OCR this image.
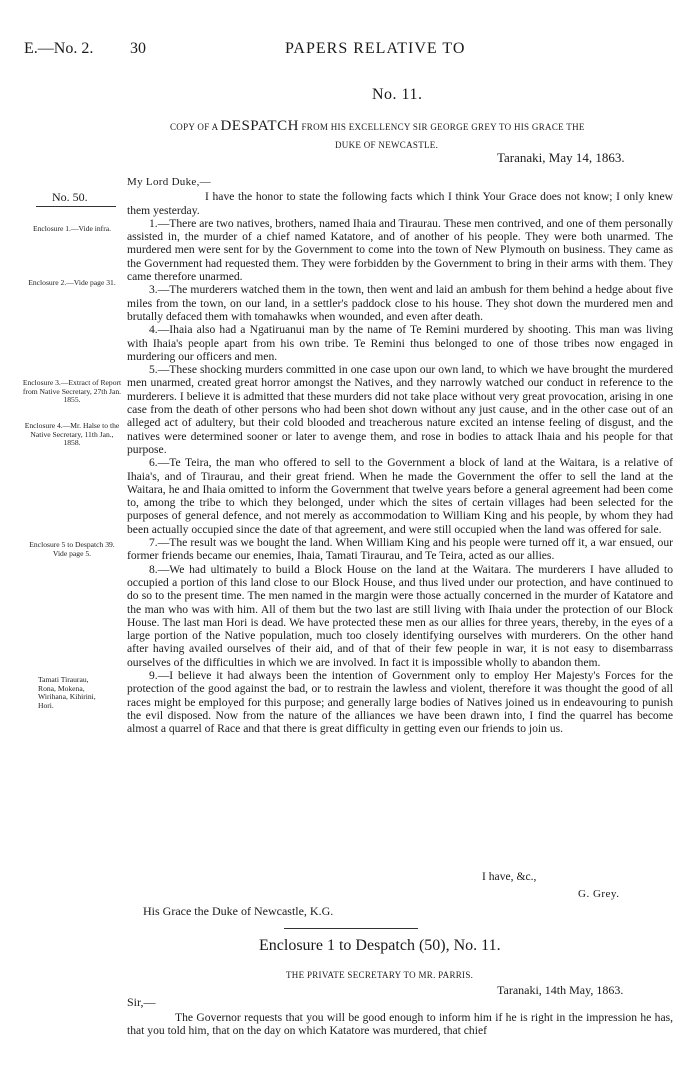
E.—No. 2. 30	PAPERS RELATIVE TO
No. 11.
COPY OF A DESPATCH FROM HIS EXCELLENCY SIR GEORGE GREY TO HIS GRACE THE
DUKE OF NEWCASTLE.
Taranaki, May 14, 1863.
No. 50.
Enclosure 1.—Vide infra.
Enclosure 2.—Vide page 31.
Enclosure 3.—Extract of Report from Native Secretary, 27th Jan. 1855.
Enclosure 4.—Mr. Halse to the Native Secretary, 11th Jan., 1858.
Enclosure 5 to Despatch 39. Vide page 5.
Tamati Tiraurau, Rona, Mokena, Wirihana, Kihirini, Hori.
My Lord Duke,—

I have the honor to state the following facts which I think Your Grace does not know; I only knew them yesterday.

1.—There are two natives, brothers, named Ihaia and Tiraurau. These men contrived, and one of them personally assisted in, the murder of a chief named Katatore, and of another of his people. They were both unarmed. The murdered men were sent for by the Government to come into the town of New Plymouth on business. They came as the Government had requested them. They were forbidden by the Government to bring in their arms with them. They came therefore unarmed.

3.—The murderers watched them in the town, then went and laid an ambush for them behind a hedge about five miles from the town, on our land, in a settler's paddock close to his house. They shot down the murdered men and brutally defaced them with tomahawks when wounded, and even after death.

4.—Ihaia also had a Ngatiruanui man by the name of Te Remini murdered by shooting. This man was living with Ihaia's people apart from his own tribe. Te Remini thus belonged to one of those tribes now engaged in murdering our officers and men.

5.—These shocking murders committed in one case upon our own land, to which we have brought the murdered men unarmed, created great horror amongst the Natives, and they narrowly watched our conduct in reference to the murderers. I believe it is admitted that these murders did not take place without very great provocation, arising in one case from the death of other persons who had been shot down without any just cause, and in the other case out of an alleged act of adultery, but their cold blooded and treacherous nature excited an intense feeling of disgust, and the natives were determined sooner or later to avenge them, and rose in bodies to attack Ihaia and his people for that purpose.

6.—Te Teira, the man who offered to sell to the Government a block of land at the Waitara, is a relative of Ihaia's, and of Tiraurau, and their great friend. When he made the Government the offer to sell the land at the Waitara, he and Ihaia omitted to inform the Government that twelve years before a general agreement had been come to, among the tribe to which they belonged, under which the sites of certain villages had been selected for the purposes of general defence, and not merely as accommodation to William King and his people, by whom they had been actually occupied since the date of that agreement, and were still occupied when the land was offered for sale.

7.—The result was we bought the land. When William King and his people were turned off it, a war ensued, our former friends became our enemies, Ihaia, Tamati Tiraurau, and Te Teira, acted as our allies.

8.—We had ultimately to build a Block House on the land at the Waitara. The murderers I have alluded to occupied a portion of this land close to our Block House, and thus lived under our protection, and have continued to do so to the present time. The men named in the margin were those actually concerned in the murder of Katatore and the man who was with him. All of them but the two last are still living with Ihaia under the protection of our Block House. The last man Hori is dead. We have protected these men as our allies for three years, thereby, in the eyes of a large portion of the Native population, much too closely identifying ourselves with murderers. On the other hand after having availed ourselves of their aid, and of that of their few people in war, it is not easy to disembarrass ourselves of the difficulties in which we are involved. In fact it is impossible wholly to abandon them.

9.—I believe it had always been the intention of Government only to employ Her Majesty's Forces for the protection of the good against the bad, or to restrain the lawless and violent, therefore it was thought the good of all races might be employed for this purpose; and generally large bodies of Natives joined us in endeavouring to punish the evil disposed. Now from the nature of the alliances we have been drawn into, I find the quarrel has become almost a quarrel of Race and that there is great difficulty in getting even our friends to join us.

I have, &c.,
G. Grey.
His Grace the Duke of Newcastle, K.G.
Enclosure 1 to Despatch (50), No. 11.
THE PRIVATE SECRETARY TO MR. PARRIS.
Taranaki, 14th May, 1863.
Sir,—

The Governor requests that you will be good enough to inform him if he is right in the impression he has, that you told him, that on the day on which Katatore was murdered, that chief
